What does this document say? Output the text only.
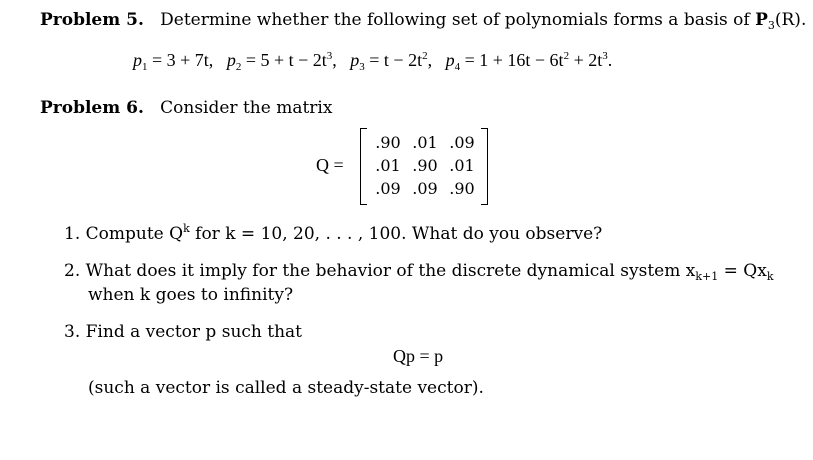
Problem 5. Determine whether the following set of polynomials forms a basis of $P_3(R)$.
$p_1 = 3 + 7t$, $p_2 = 5 + t - 2t^3$, $p_3 = t - 2t^2$, $p_4 = 1 + 16t - 6t^2 + 2t^3$.
Problem 6. Consider the matrix
Q =
.90 .01 .09
.01 .90 .01
.09 .09 .90
1. Compute $Q^k$ for k = 10, 20, . . . , 100. What do you observe?
2. What does it imply for the behavior of the discrete dynamical system $x_{k+1} = Qx_k$
when k goes to infinity?
3. Find a vector p such that
Qp = p
(such a vector is called a steady-state vector).
